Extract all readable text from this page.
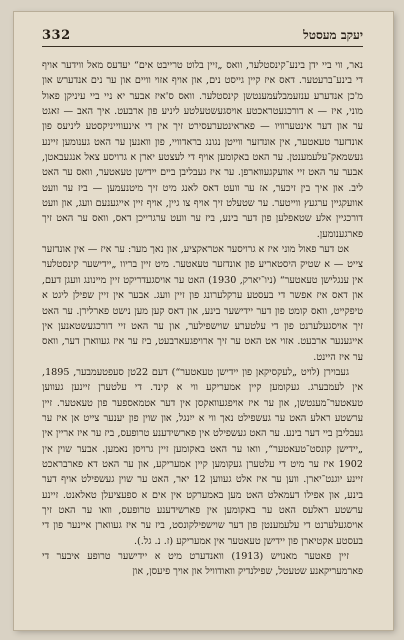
332	יעקב מעסטל

נאר, ווי ביי ידן בינע־קינסטלער, וואס „זיין בלוט טרייבט אים“ יעדעס מאל ווידער אויף די בינע־ברעטער. דאס איז קיין גייסט נים, און אויף אזוי וויים און ער נים אנדערש און מ'כן אנדערע ענזעמבלעמענטשן קינסטלער. וואס ס'איז אבער יא ניי ביי עיניקן פאול מוני, איז — א דורכגעטראכטע אויסגעשטעלטע ליניע פון ארבעט. איך האב — זאגט ער און דער אינטערוויו — פאראינטערעסירט זיך אין די אינעווייניקסטע ליניעס פון אונדזער טעאטער, אין אונדזער ווייטן נגונג בראדוויי, פון וואנען ער האט גענומען זיינע געשמאק־עלעמענטן. ער האט באקומען אויף די לעצטע יארן א גרויסע צאל אנגעבאטן, אבער ער האט זיי אוועקגעווארפן. ער איז געבליבן בײם יידישן טעאטער, וואס ער האט ליב. און איך בין זיכער, אז ער וועט דאס לאנג מיט זיך מיטנעמען — ביז ער וועט אוועקגיין ערגעץ ווייטער. ער שטעלט זיך אויף צו גיין, אויף זיין אייגענעם וועג, און וועט דורכגיין אלע שטאפלען פון דער בינע, ביז ער וועט ערגרייכן דאס, וואס ער האט זיך פארגענומען.

אט דער פאול מוני איז א גרויסער אטראקציע, און נאך מער: ער איז — אין אונדזער צייט — א שטיק היסטאריע פון אונדזער טעאטער. מיט זיין בריוו „יידישער קינסטלער אין ענגלישן טעאטער“ (ניו־יארק, 1930) האט ער אויסגעדריקט זיין מיינונג וועגן דעם, און דאס איז אפשר די בעסטע ערקלערונג פון זיין וועג. אבער אין זיין שפילן ליגט א טיפקייט, וואס קומט פון דער יידישער בינע, און דאס קען מען נישט פארלירן. ער האט זיך אויסגעלערנט פון די עלטערע שוישפילער, און ער האט זיי דורכגעשטאנען אין אייגענער ארבעט. אזוי אט האט ער זיך ארויפגעארבעט, ביז ער איז געווארן דער, וואס ער איז היינט.

געבוירן (לויט „לעקסיקאן פון יידישן טעאטער“) דעם 22טן סעפטעמבער, 1895, אין לעמבערג. געקומען קיין אמעריקע ווי א קינד. די עלטערן זיינען געווען טעאטער־מענטשן, און ער איז אויפגעוואקסן אין דער אטמאספער פון טעאטער. זיין ערשטע ראלע האט ער געשפילט נאך ווי א ייִנגל, און שוין פון יענער צייט אן איז ער געבליבן ביי דער בינע. ער האט געשפילט אין פארשידענע טרופעס, ביז ער איז אריין אין „יידישן קונסט־טעאטער“, וואו ער האט באקומען זיין גרויסן נאמען. אבער שוין אין 1902 איז ער מיט די עלטערן געקומען קיין אמעריקע, און ער האט דא פארבראכט זיינע יוגנט־יארן. ווען ער איז אלט געווען 12 יאר, האט ער שוין געשפילט אויף דער בינע, און אפילו דעמאלט האט מען באמערקט אין אים א ספעציעלן טאלאנט. זיינע ערשטע ראלעס האט ער באקומען אין פארשידענע טרופעס, וואו ער האט זיך אויסגעלערנט די עלעמענטן פון דער שוישפילקונסט, ביז ער איז געווארן איינער פון די בעסטע אקטיארן פון יידישן טעאטער אין אמעריקע (ז. נ. גל.).

זיין פאטער מאנויש (1913) וואנדערט מיט א יידישער טרופע איבער די פארמעריקאנע שטעטל, שפילנדיק וואודוויל און אויך פיעסן, און
